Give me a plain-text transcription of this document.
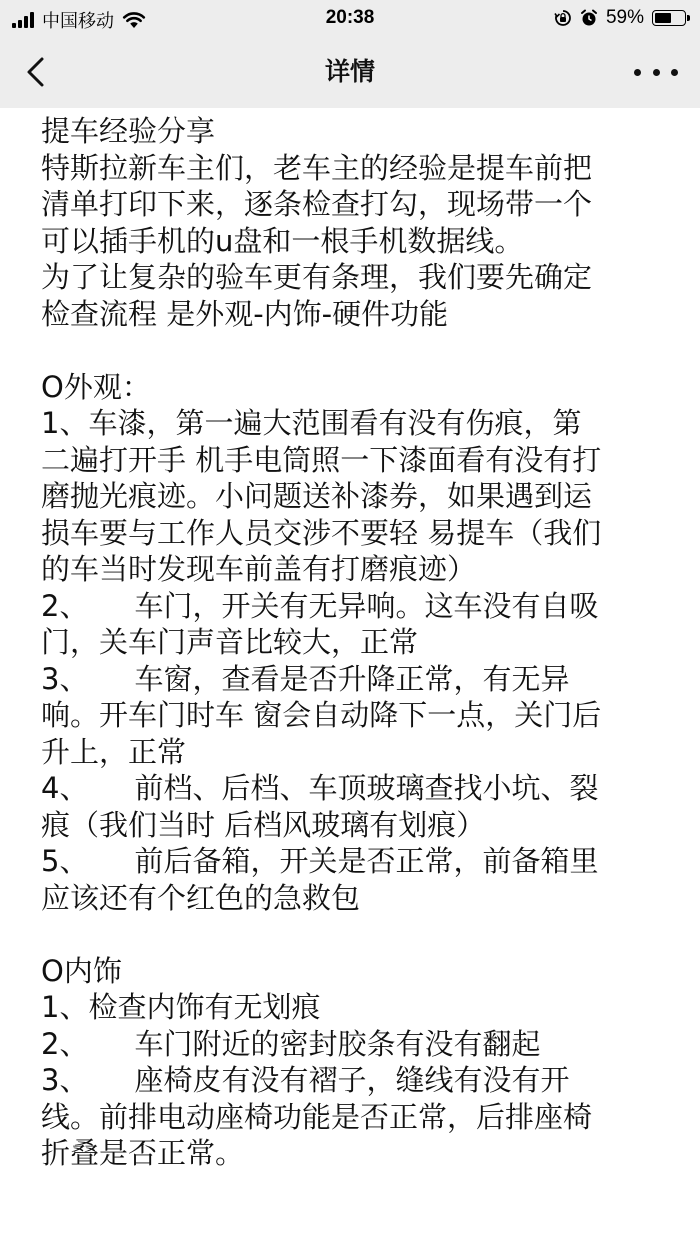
中国移动	20:38	59%
详情
提车经验分享
特斯拉新车主们，老车主的经验是提车前把
清单打印下来，逐条检查打勾，现场带一个
可以插手机的u盘和一根手机数据线。
为了让复杂的验车更有条理，我们要先确定
检查流程 是外观-内饰-硬件功能
O外观：
1、车漆，第一遍大范围看有没有伤痕，第
二遍打开手 机手电筒照一下漆面看有没有打
磨抛光痕迹。小问题送补漆券，如果遇到运
损车要与工作人员交涉不要轻 易提车（我们
的车当时发现车前盖有打磨痕迹）
2、     车门，开关有无异响。这车没有自吸
门，关车门声音比较大，正常
3、     车窗，查看是否升降正常，有无异
响。开车门时车 窗会自动降下一点，关门后
升上，正常
4、     前档、后档、车顶玻璃查找小坑、裂
痕（我们当时 后档风玻璃有划痕）
5、     前后备箱，开关是否正常，前备箱里
应该还有个红色的急救包
O内饰
1、检查内饰有无划痕
2、     车门附近的密封胶条有没有翻起
3、     座椅皮有没有褶子，缝线有没有开
线。前排电动座椅功能是否正常，后排座椅
折叠是否正常。
